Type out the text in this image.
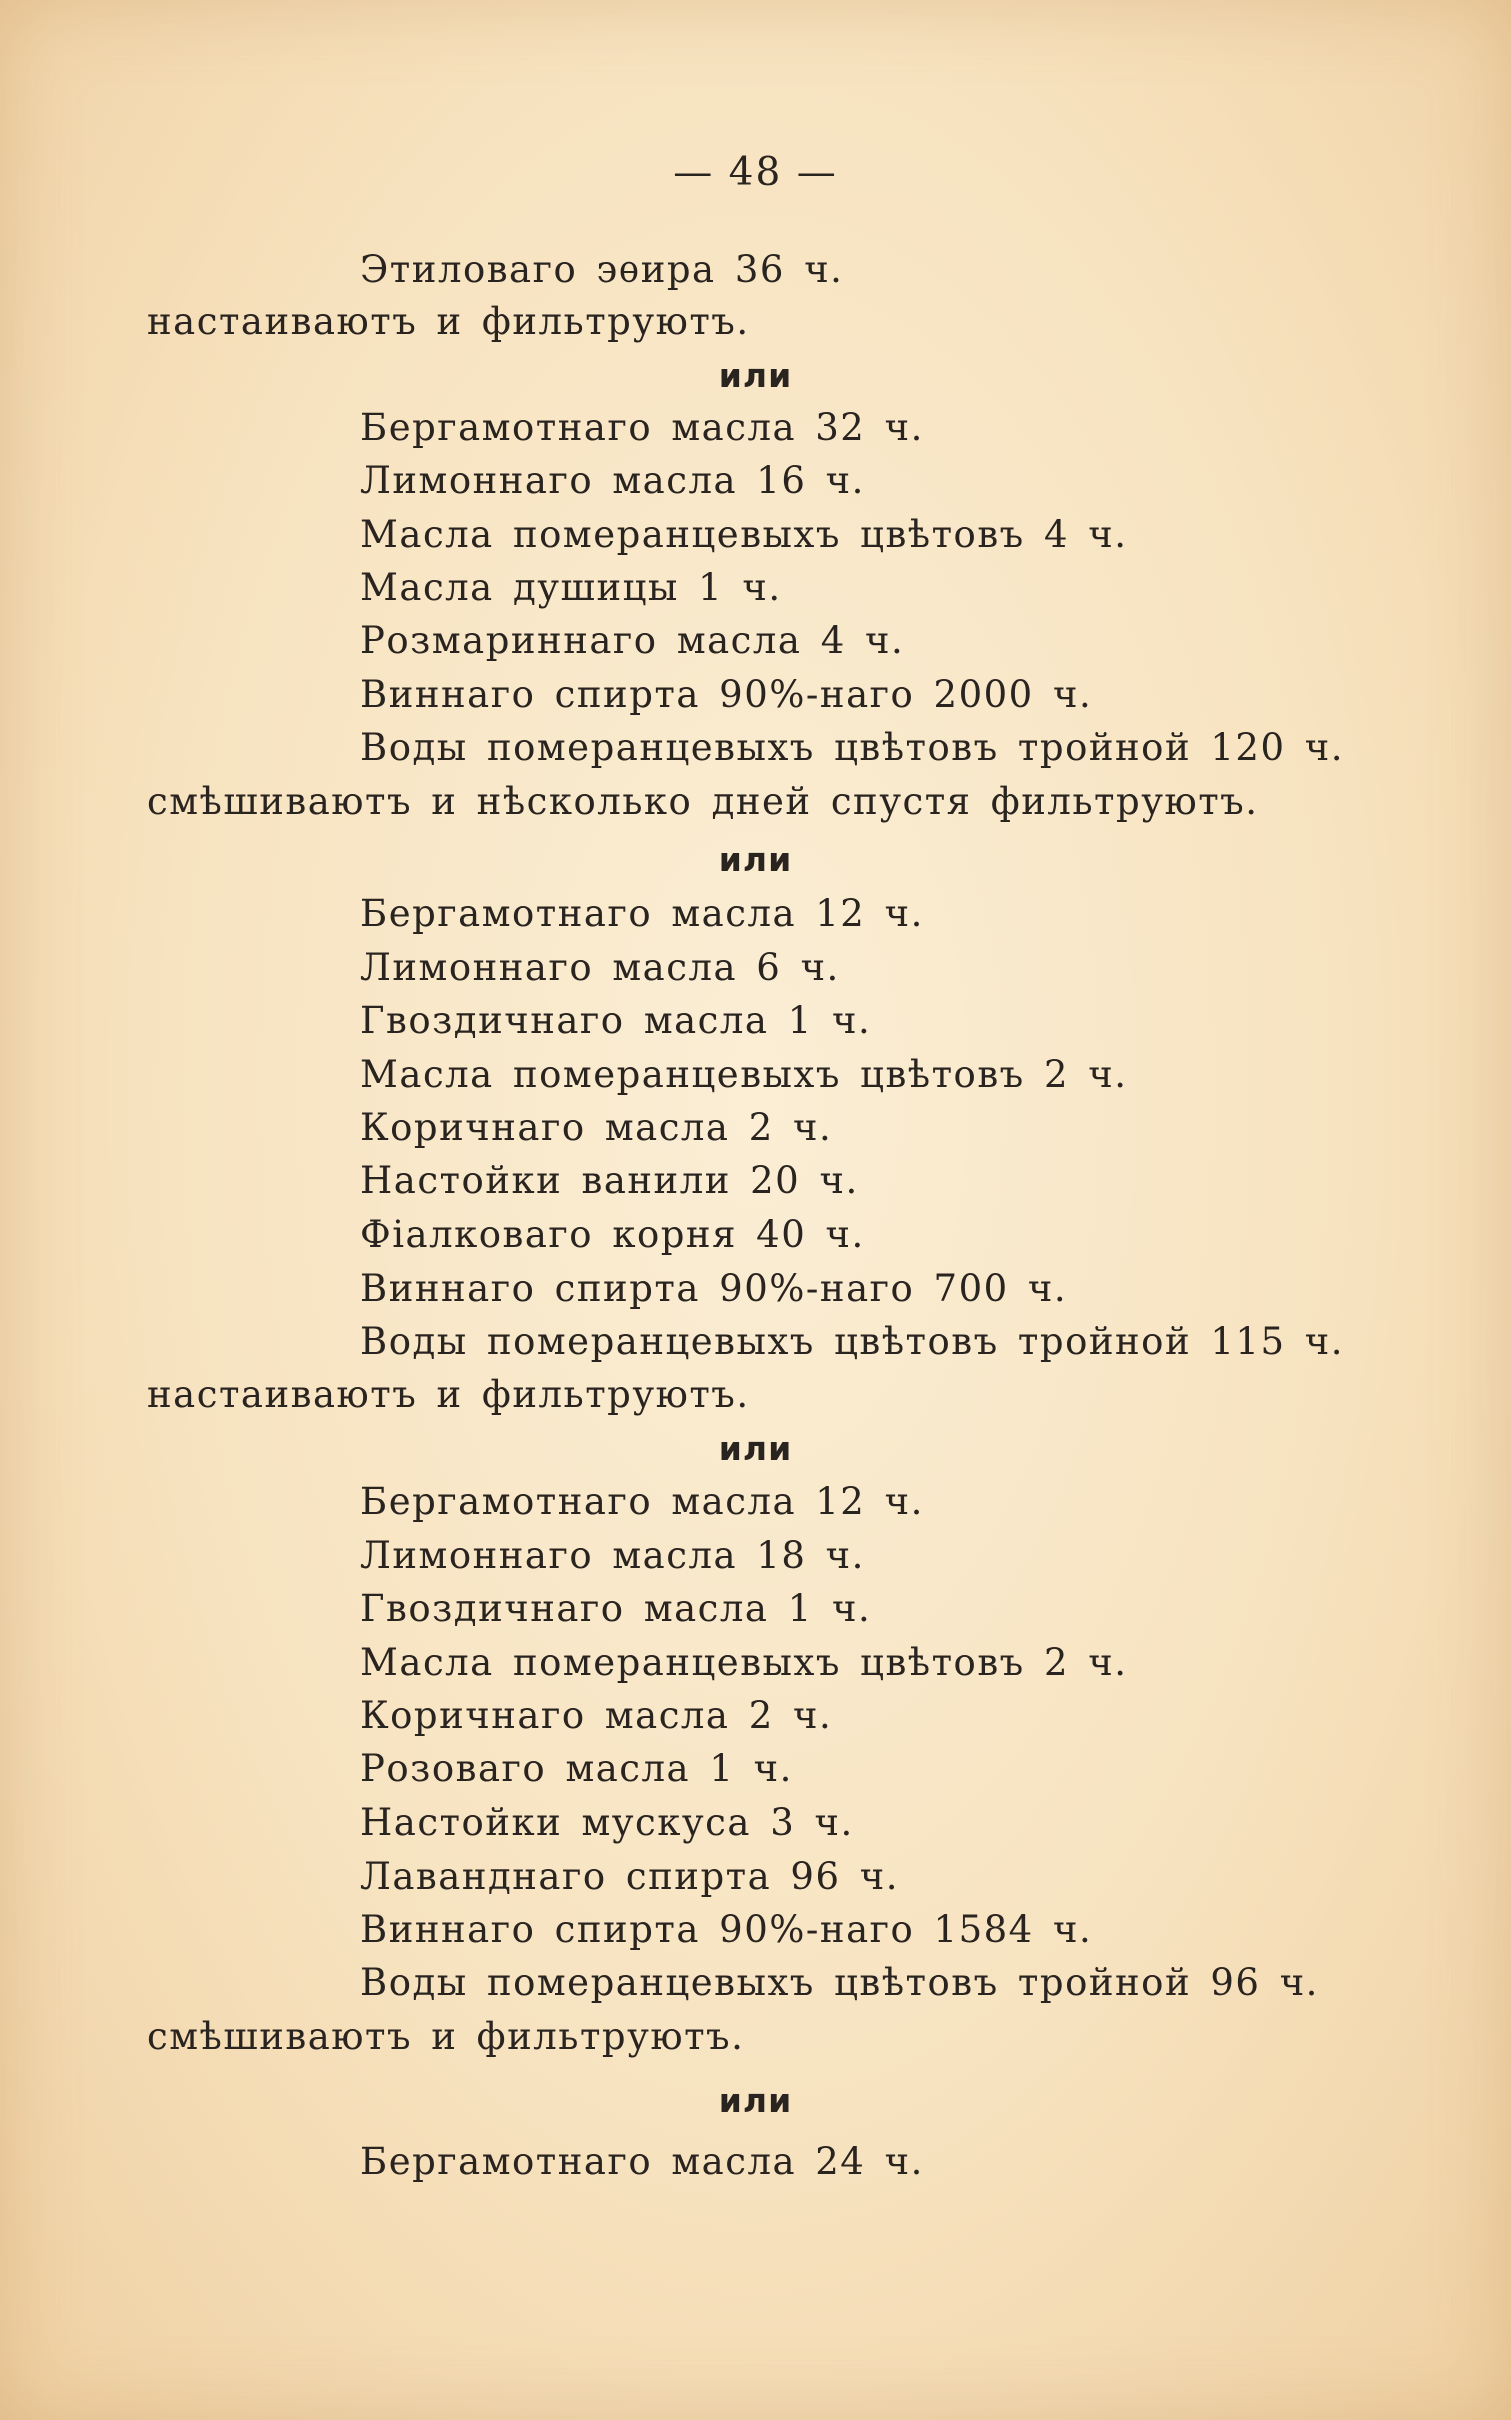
— 48 —
Этиловаго эѳира 36 ч.
настаиваютъ и фильтруютъ.
или
Бергамотнаго масла 32 ч.
Лимоннаго масла 16 ч.
Масла померанцевыхъ цвѣтовъ 4 ч.
Масла душицы 1 ч.
Розмариннаго масла 4 ч.
Виннаго спирта 90%-наго 2000 ч.
Воды померанцевыхъ цвѣтовъ тройной 120 ч.
смѣшиваютъ и нѣсколько дней спустя фильтруютъ.
или
Бергамотнаго масла 12 ч.
Лимоннаго масла 6 ч.
Гвоздичнаго масла 1 ч.
Масла померанцевыхъ цвѣтовъ 2 ч.
Коричнаго масла 2 ч.
Настойки ванили 20 ч.
Фіалковаго корня 40 ч.
Виннаго спирта 90%-наго 700 ч.
Воды померанцевыхъ цвѣтовъ тройной 115 ч.
настаиваютъ и фильтруютъ.
или
Бергамотнаго масла 12 ч.
Лимоннаго масла 18 ч.
Гвоздичнаго масла 1 ч.
Масла померанцевыхъ цвѣтовъ 2 ч.
Коричнаго масла 2 ч.
Розоваго масла 1 ч.
Настойки мускуса 3 ч.
Лаванднаго спирта 96 ч.
Виннаго спирта 90%-наго 1584 ч.
Воды померанцевыхъ цвѣтовъ тройной 96 ч.
смѣшиваютъ и фильтруютъ.
или
Бергамотнаго масла 24 ч.
